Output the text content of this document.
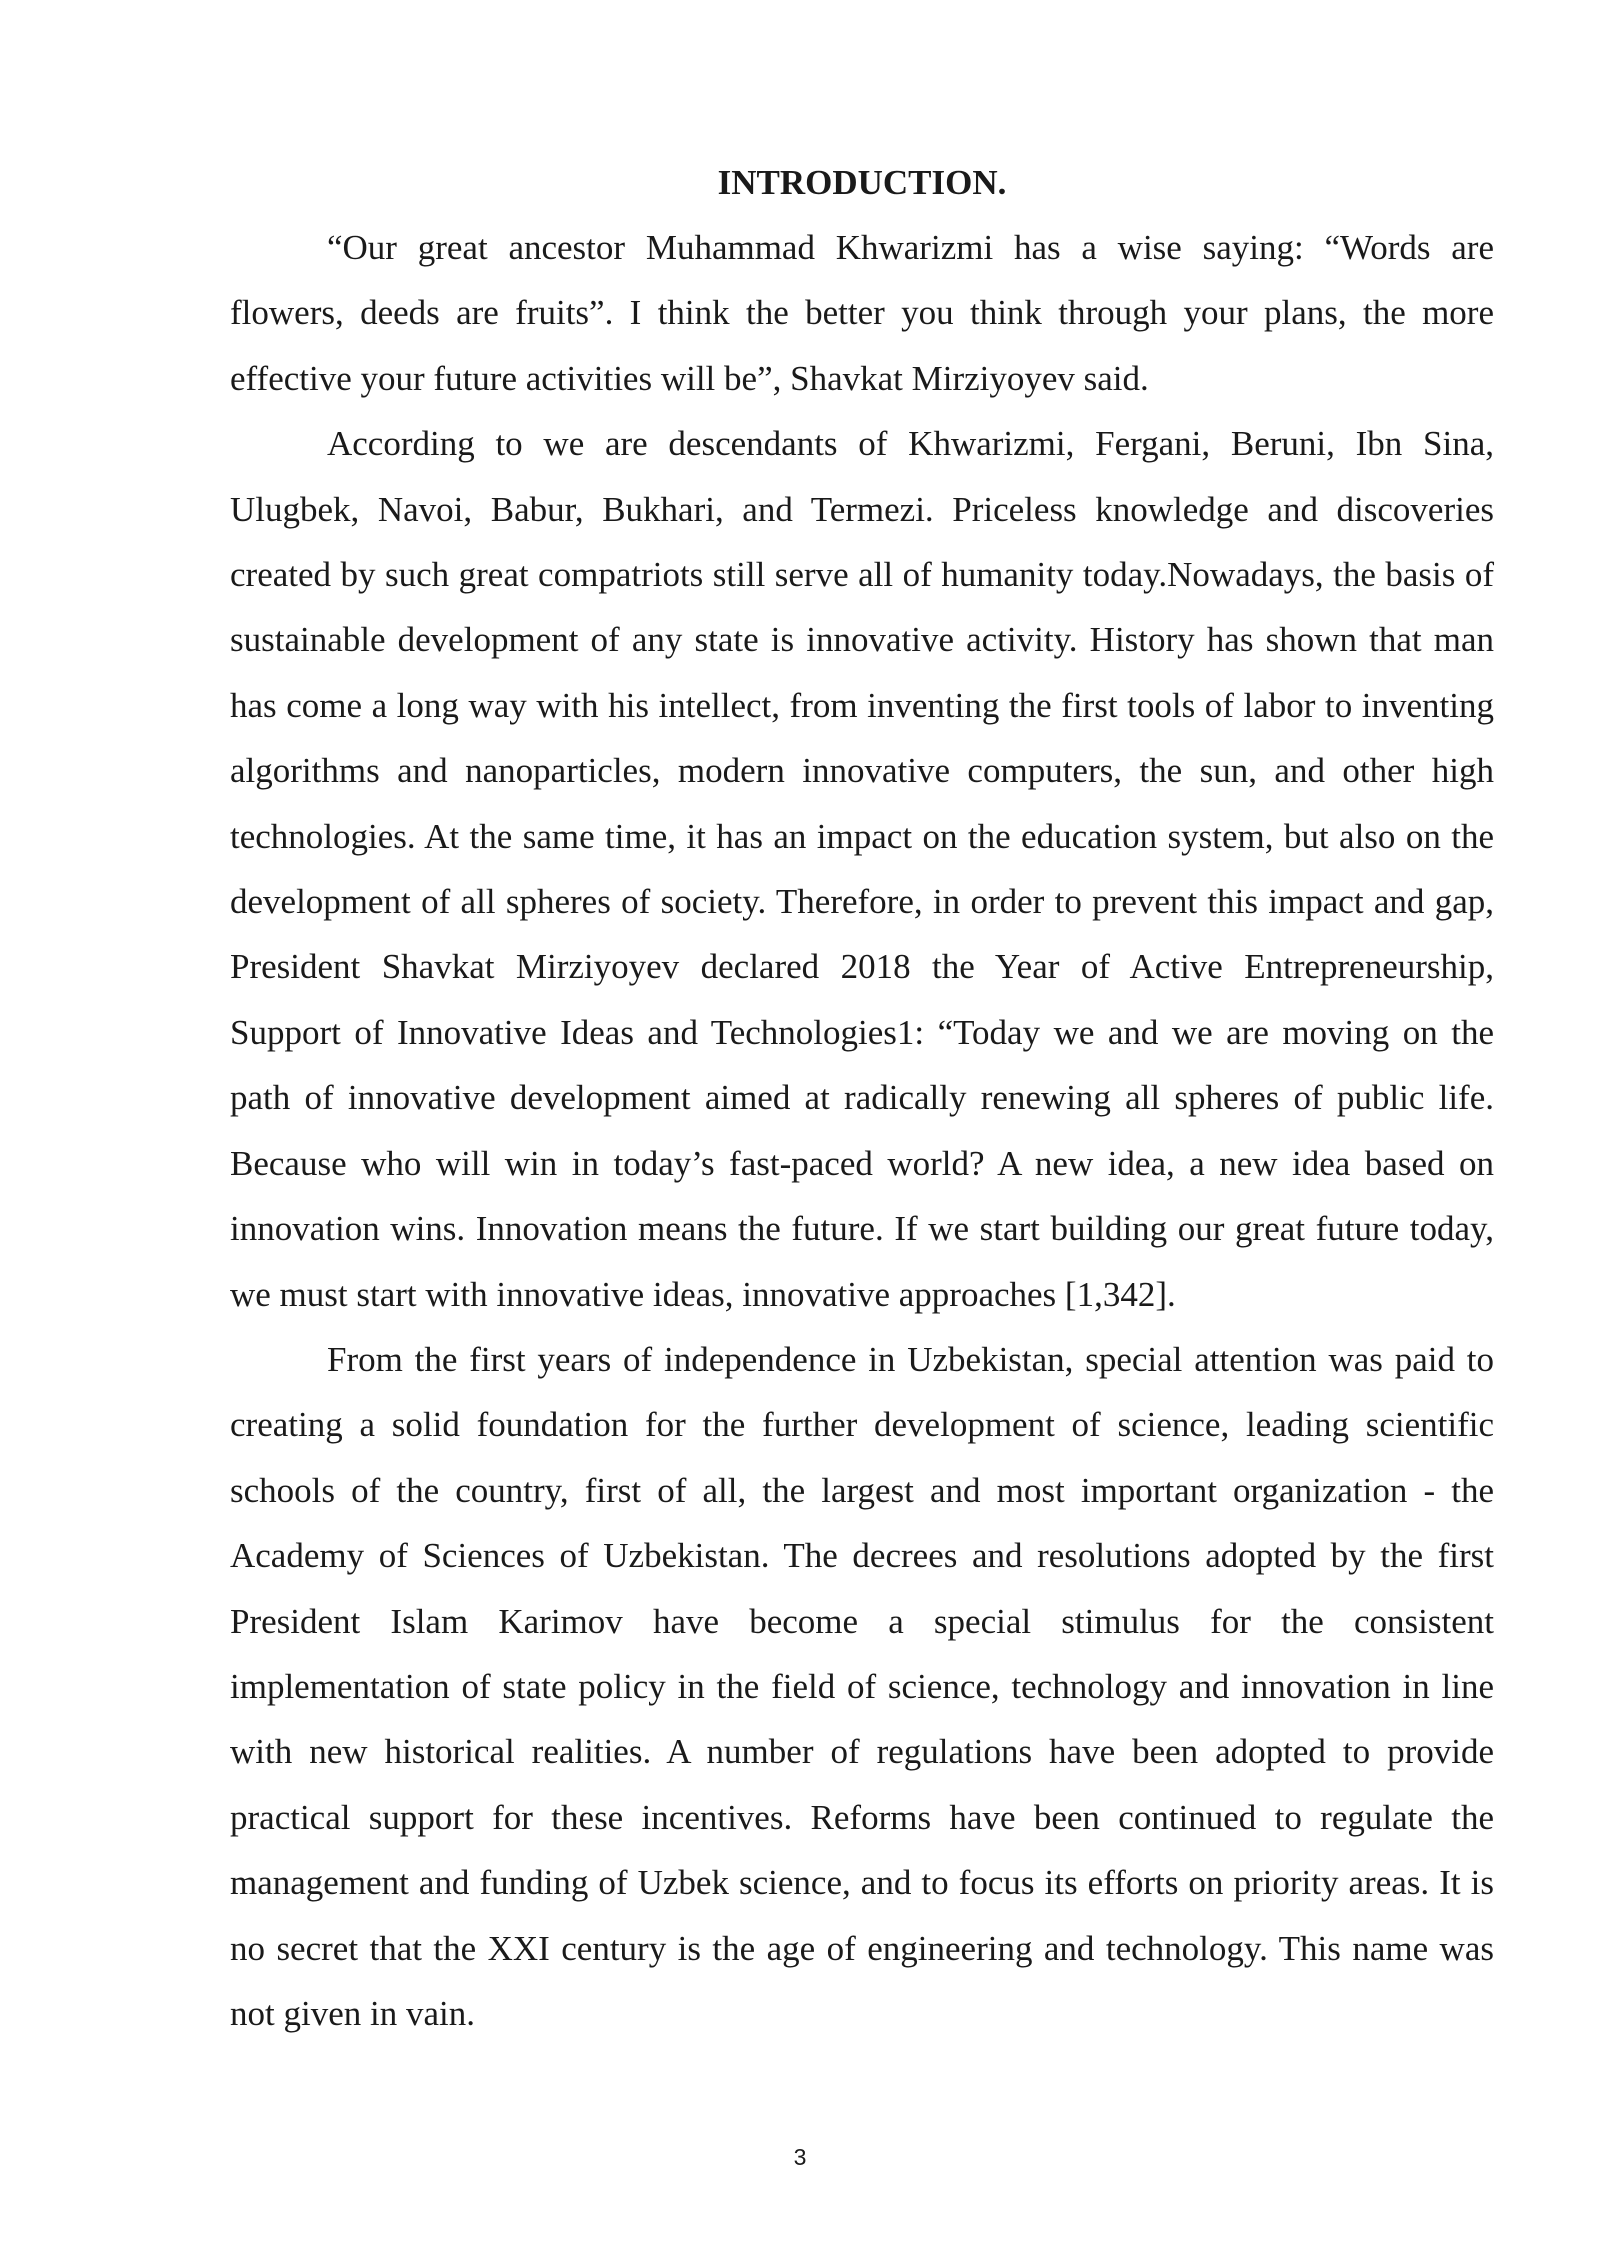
INTRODUCTION.

“Our great ancestor Muhammad Khwarizmi has a wise saying: “Words are flowers, deeds are fruits”. I think the better you think through your plans, the more effective your future activities will be”, Shavkat Mirziyoyev said.

According to we are descendants of Khwarizmi, Fergani, Beruni, Ibn Sina, Ulugbek, Navoi, Babur, Bukhari, and Termezi. Priceless knowledge and discoveries created by such great compatriots still serve all of humanity today.Nowadays, the basis of sustainable development of any state is innovative activity. History has shown that man has come a long way with his intellect, from inventing the first tools of labor to inventing algorithms and nanoparticles, modern innovative computers, the sun, and other high technologies. At the same time, it has an impact on the education system, but also on the development of all spheres of society. Therefore, in order to prevent this impact and gap, President Shavkat Mirziyoyev declared 2018 the Year of Active Entrepreneurship, Support of Innovative Ideas and Technologies1: “Today we and we are moving on the path of innovative development aimed at radically renewing all spheres of public life. Because who will win in today’s fast-paced world? A new idea, a new idea based on innovation wins. Innovation means the future. If we start building our great future today, we must start with innovative ideas, innovative approaches [1,342].

From the first years of independence in Uzbekistan, special attention was paid to creating a solid foundation for the further development of science, leading scientific schools of the country, first of all, the largest and most important organization - the Academy of Sciences of Uzbekistan. The decrees and resolutions adopted by the first President Islam Karimov have become a special stimulus for the consistent implementation of state policy in the field of science, technology and innovation in line with new historical realities. A number of regulations have been adopted to provide practical support for these incentives. Reforms have been continued to regulate the management and funding of Uzbek science, and to focus its efforts on priority areas. It is no secret that the XXI century is the age of engineering and technology. This name was not given in vain.

3
